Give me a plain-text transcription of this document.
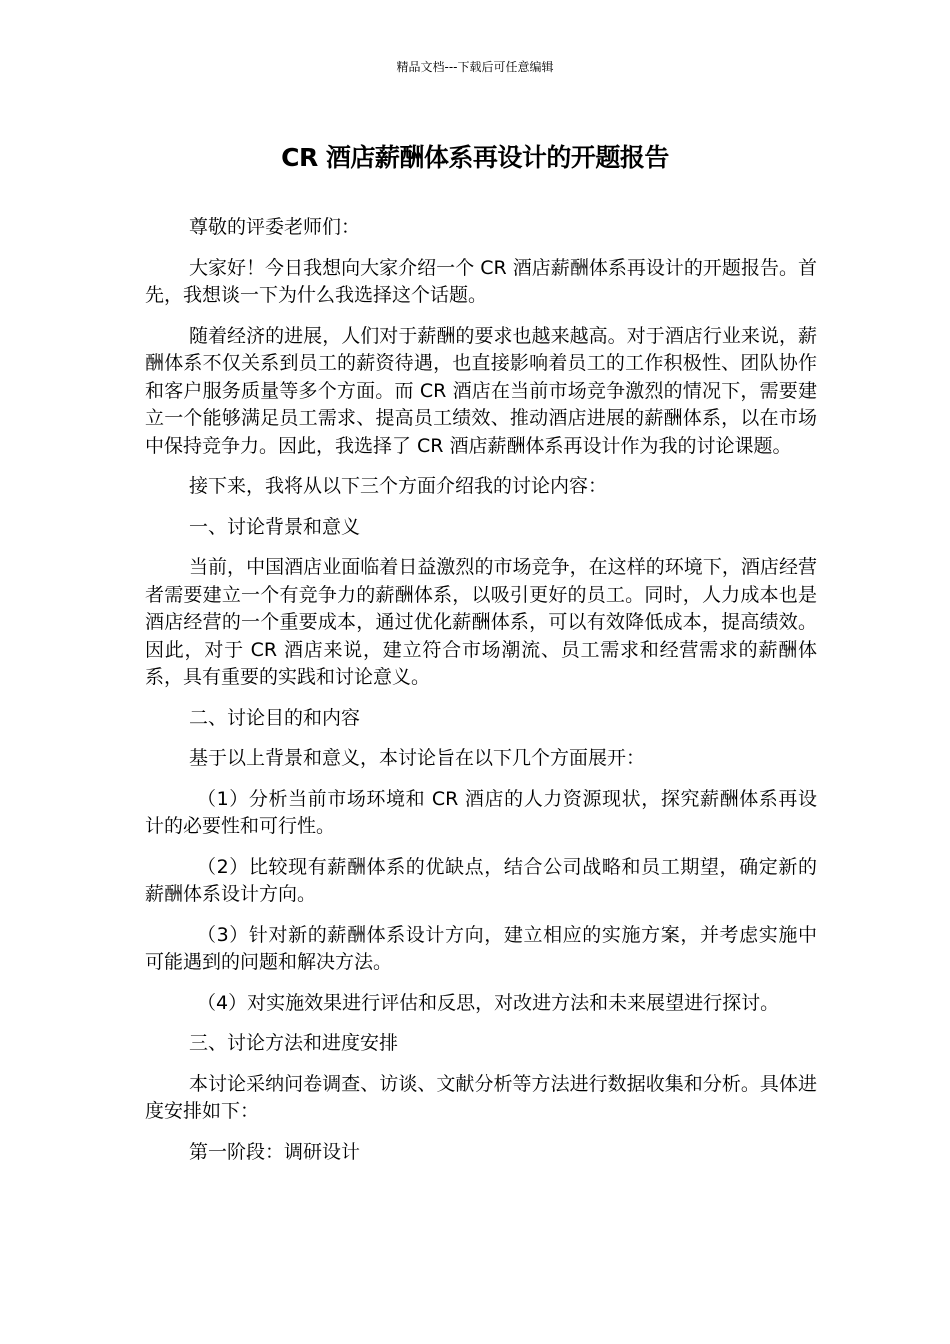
精品文档---下载后可任意编辑
CR 酒店薪酬体系再设计的开题报告

尊敬的评委老师们：

大家好！今日我想向大家介绍一个 CR 酒店薪酬体系再设计的开题报告。首先，我想谈一下为什么我选择这个话题。

随着经济的进展，人们对于薪酬的要求也越来越高。对于酒店行业来说，薪酬体系不仅关系到员工的薪资待遇，也直接影响着员工的工作积极性、团队协作和客户服务质量等多个方面。而 CR 酒店在当前市场竞争激烈的情况下，需要建立一个能够满足员工需求、提高员工绩效、推动酒店进展的薪酬体系，以在市场中保持竞争力。因此，我选择了 CR 酒店薪酬体系再设计作为我的讨论课题。

接下来，我将从以下三个方面介绍我的讨论内容：

一、讨论背景和意义

当前，中国酒店业面临着日益激烈的市场竞争，在这样的环境下，酒店经营者需要建立一个有竞争力的薪酬体系，以吸引更好的员工。同时，人力成本也是酒店经营的一个重要成本，通过优化薪酬体系，可以有效降低成本，提高绩效。因此，对于 CR 酒店来说，建立符合市场潮流、员工需求和经营需求的薪酬体系，具有重要的实践和讨论意义。

二、讨论目的和内容

基于以上背景和意义，本讨论旨在以下几个方面展开：

（1）分析当前市场环境和 CR 酒店的人力资源现状，探究薪酬体系再设计的必要性和可行性。

（2）比较现有薪酬体系的优缺点，结合公司战略和员工期望，确定新的薪酬体系设计方向。

（3）针对新的薪酬体系设计方向，建立相应的实施方案，并考虑实施中可能遇到的问题和解决方法。

（4）对实施效果进行评估和反思，对改进方法和未来展望进行探讨。

三、讨论方法和进度安排

本讨论采纳问卷调查、访谈、文献分析等方法进行数据收集和分析。具体进度安排如下：

第一阶段：调研设计
